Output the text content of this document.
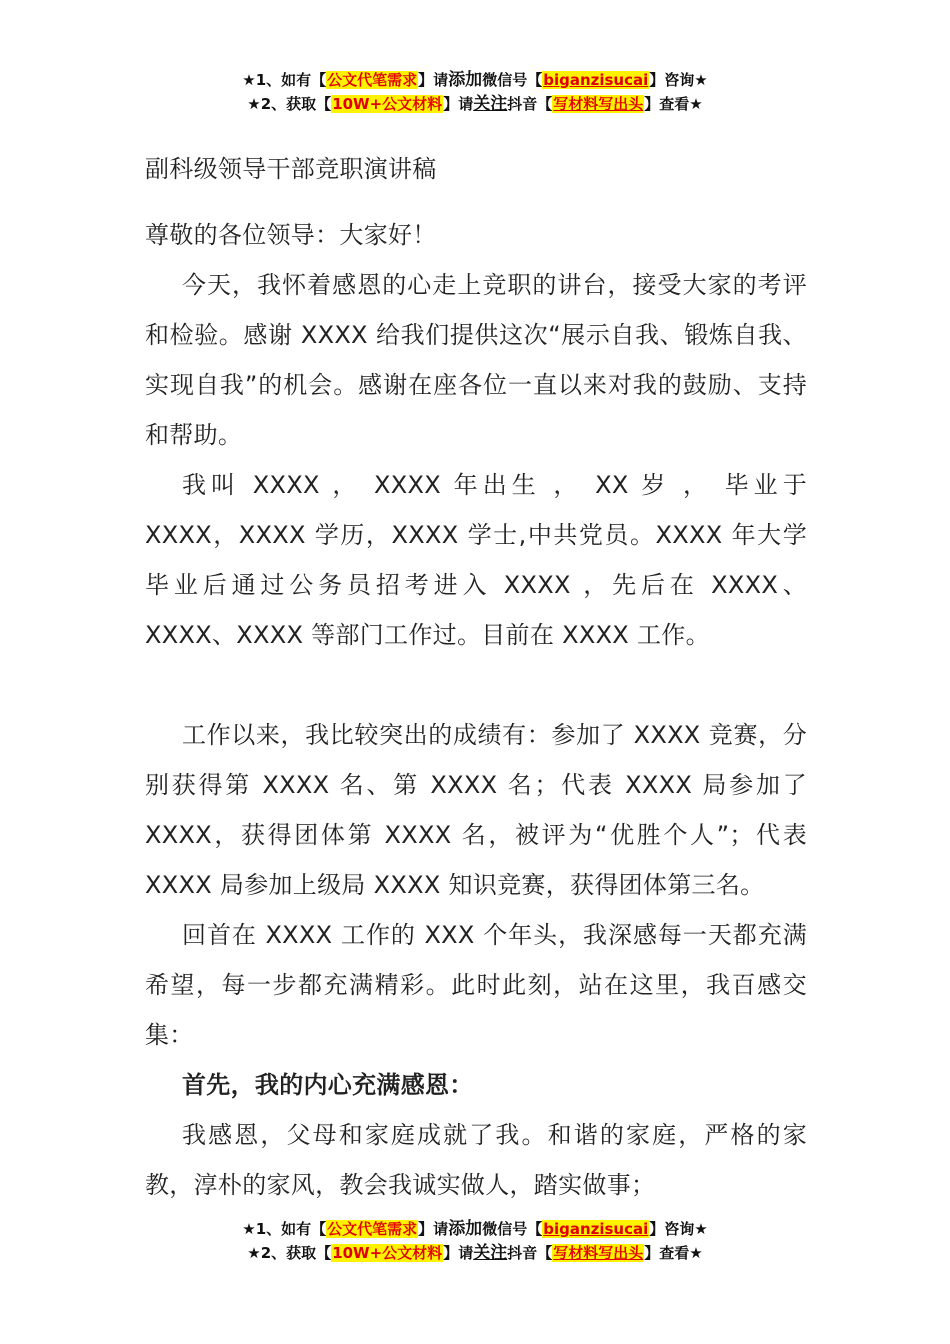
★1、如有【公文代笔需求】请添加微信号【biganzisucai】咨询★
★2、获取【10W+公文材料】请关注抖音【写材料写出头】查看★

副科级领导干部竞职演讲稿

尊敬的各位领导：大家好！

今天，我怀着感恩的心走上竞职的讲台，接受大家的考评和检验。感谢 XXXX 给我们提供这次“展示自我、锻炼自我、实现自我”的机会。感谢在座各位一直以来对我的鼓励、支持和帮助。

我叫 XXXX ， XXXX 年出生 ， XX 岁 ， 毕业于 XXXX，XXXX 学历，XXXX 学士,中共党员。XXXX 年大学毕业后通过公务员招考进入 XXXX ，先后在 XXXX、XXXX、XXXX 等部门工作过。目前在 XXXX 工作。

工作以来，我比较突出的成绩有：参加了 XXXX 竞赛，分别获得第 XXXX 名、第 XXXX 名；代表 XXXX 局参加了 XXXX，获得团体第 XXXX 名，被评为“优胜个人”；代表 XXXX 局参加上级局 XXXX 知识竞赛，获得团体第三名。

回首在 XXXX 工作的 XXX 个年头，我深感每一天都充满希望，每一步都充满精彩。此时此刻，站在这里，我百感交集：

首先，我的内心充满感恩：

我感恩，父母和家庭成就了我。和谐的家庭，严格的家教，淳朴的家风，教会我诚实做人，踏实做事；

★1、如有【公文代笔需求】请添加微信号【biganzisucai】咨询★
★2、获取【10W+公文材料】请关注抖音【写材料写出头】查看★
